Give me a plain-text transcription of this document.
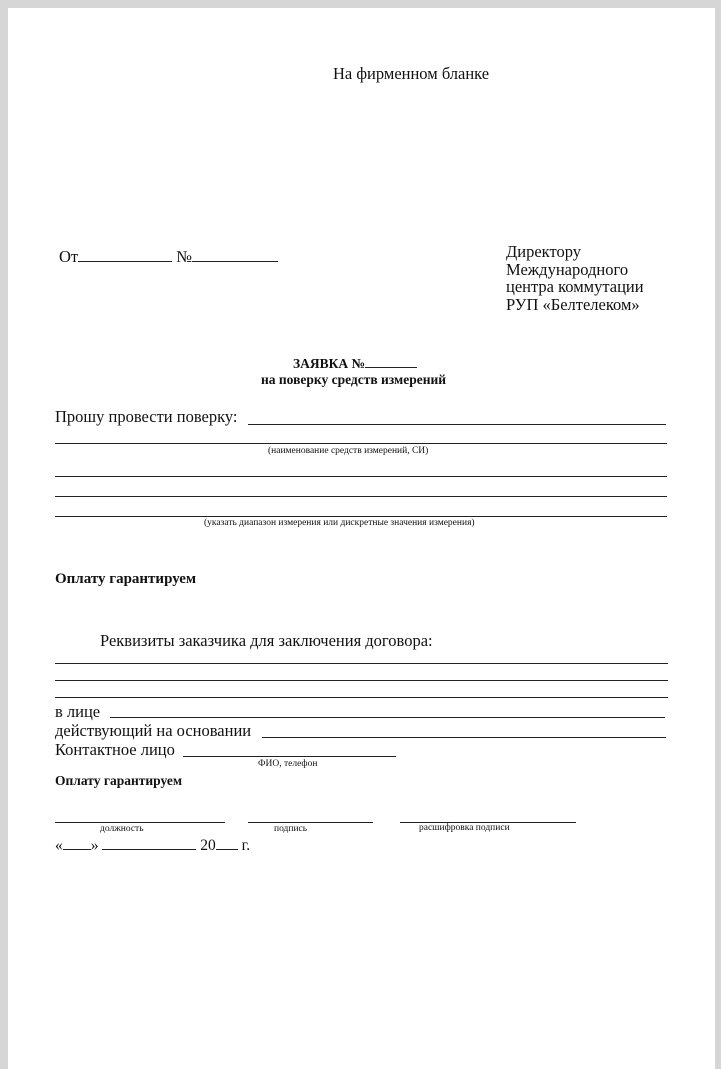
На фирменном бланке
От	№	Директору
Международного
центра коммутации
РУП «Белтелеком»
ЗАЯВКА №
на поверку средств измерений
Прошу провести поверку:
(наименование средств измерений, СИ)
(указать диапазон измерения или дискретные значения измерения)
Оплату гарантируем
Реквизиты заказчика для заключения договора:
в лице
действующий на основании
Контактное лицо
ФИО, телефон
Оплату гарантируем
должность	подпись	расшифровка подписи
« »	20 г.
